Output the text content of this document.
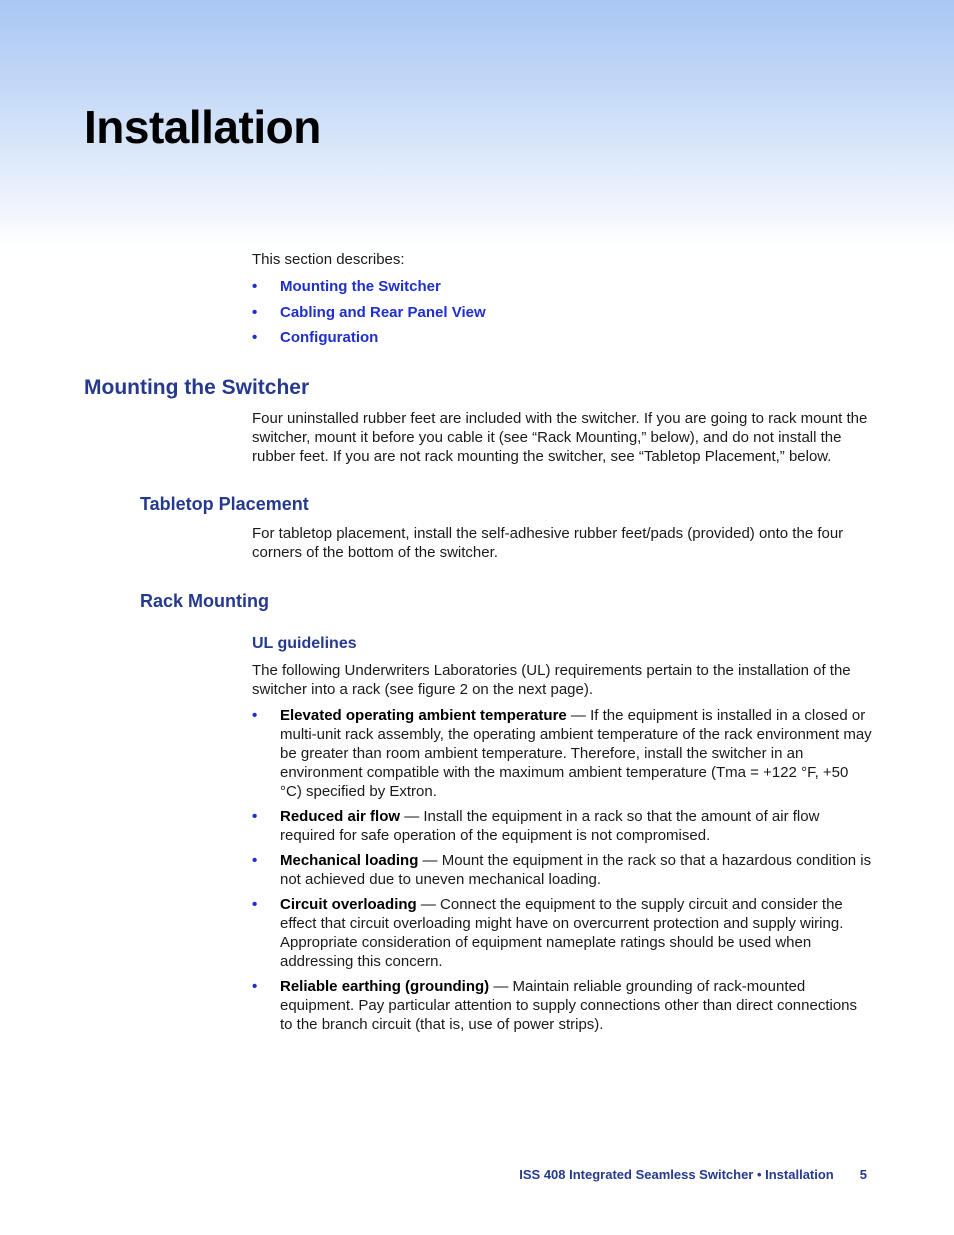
Installation
This section describes:
• Mounting the Switcher
• Cabling and Rear Panel View
• Configuration
Mounting the Switcher

Four uninstalled rubber feet are included with the switcher. If you are going to rack mount the switcher, mount it before you cable it (see “Rack Mounting,” below), and do not install the rubber feet. If you are not rack mounting the switcher, see “Tabletop Placement,” below.

Tabletop Placement

For tabletop placement, install the self-adhesive rubber feet/pads (provided) onto the four corners of the bottom of the switcher.

Rack Mounting
UL guidelines

The following Underwriters Laboratories (UL) requirements pertain to the installation of the switcher into a rack (see figure 2 on the next page).

• Elevated operating ambient temperature — If the equipment is installed in a closed or multi-unit rack assembly, the operating ambient temperature of the rack environment may be greater than room ambient temperature. Therefore, install the switcher in an environment compatible with the maximum ambient temperature (Tma = +122 °F, +50 °C) specified by Extron.
• Reduced air flow — Install the equipment in a rack so that the amount of air flow required for safe operation of the equipment is not compromised.
• Mechanical loading — Mount the equipment in the rack so that a hazardous condition is not achieved due to uneven mechanical loading.
• Circuit overloading — Connect the equipment to the supply circuit and consider the effect that circuit overloading might have on overcurrent protection and supply wiring. Appropriate consideration of equipment nameplate ratings should be used when addressing this concern.
• Reliable earthing (grounding) — Maintain reliable grounding of rack-mounted equipment. Pay particular attention to supply connections other than direct connections to the branch circuit (that is, use of power strips).
ISS 408 Integrated Seamless Switcher • Installation 5
